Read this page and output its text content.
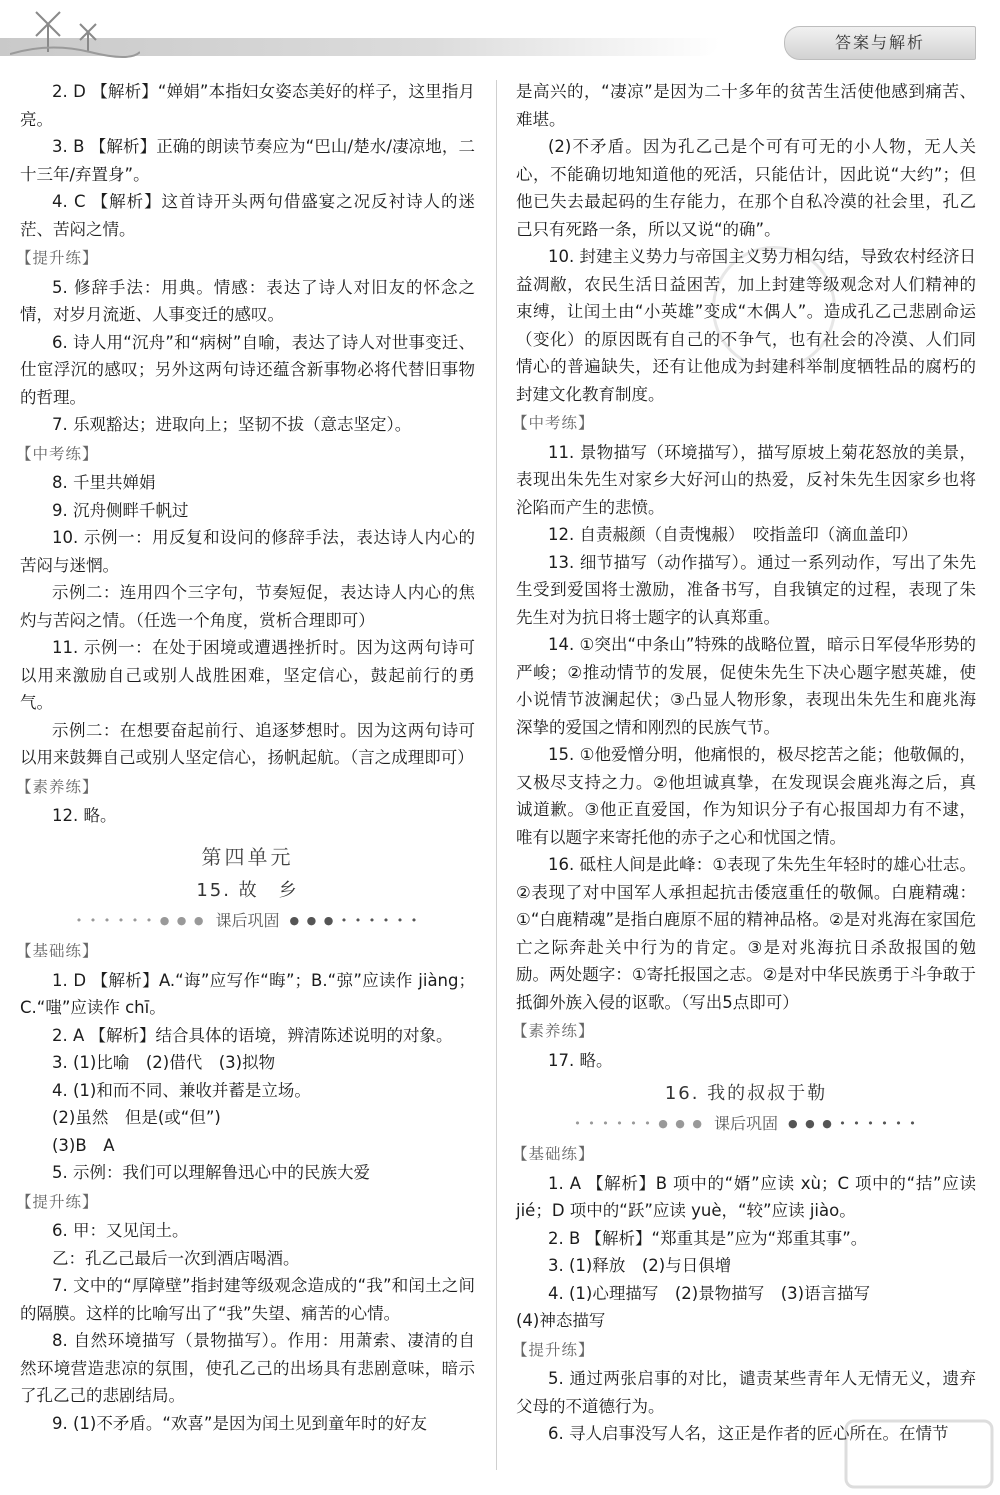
答案与解析

2. D 【解析】“婵娟”本指妇女姿态美好的样子，这里指月亮。

3. B 【解析】正确的朗读节奏应为“巴山/楚水/凄凉地，二十三年/弃置身”。

4. C 【解析】这首诗开头两句借盛宴之况反衬诗人的迷茫、苦闷之情。

【提升练】

5. 修辞手法：用典。情感：表达了诗人对旧友的怀念之情，对岁月流逝、人事变迁的感叹。

6. 诗人用“沉舟”和“病树”自喻，表达了诗人对世事变迁、仕宦浮沉的感叹；另外这两句诗还蕴含新事物必将代替旧事物的哲理。

7. 乐观豁达；进取向上；坚韧不拔（意志坚定）。

【中考练】

8. 千里共婵娟

9. 沉舟侧畔千帆过

10. 示例一：用反复和设问的修辞手法，表达诗人内心的苦闷与迷惘。

示例二：连用四个三字句，节奏短促，表达诗人内心的焦灼与苦闷之情。（任选一个角度，赏析合理即可）

11. 示例一：在处于困境或遭遇挫折时。因为这两句诗可以用来激励自己或别人战胜困难，坚定信心，鼓起前行的勇气。

示例二：在想要奋起前行、追逐梦想时。因为这两句诗可以用来鼓舞自己或别人坚定信心，扬帆起航。（言之成理即可）

【素养练】

12. 略。

第四单元
15. 故　乡
• • • • • • ● ● ● 课后巩固 ● ● ● • • • • • •
【基础练】

1. D 【解析】A.“诲”应写作“晦”；B.“弶”应读作 jiàng；C.“嗤”应读作 chī。

2. A 【解析】结合具体的语境，辨清陈述说明的对象。

3. (1)比喻　(2)借代　(3)拟物

4. (1)和而不同、兼收并蓄是立场。

(2)虽然　但是(或“但”)

(3)B　A

5. 示例：我们可以理解鲁迅心中的民族大爱

【提升练】

6. 甲：又见闰土。

乙：孔乙己最后一次到酒店喝酒。

7. 文中的“厚障壁”指封建等级观念造成的“我”和闰土之间的隔膜。这样的比喻写出了“我”失望、痛苦的心情。

8. 自然环境描写（景物描写）。作用：用萧索、凄清的自然环境营造悲凉的氛围，使孔乙己的出场具有悲剧意味，暗示了孔乙己的悲剧结局。

9. (1)不矛盾。“欢喜”是因为闰土见到童年时的好友

是高兴的，“凄凉”是因为二十多年的贫苦生活使他感到痛苦、难堪。

(2)不矛盾。因为孔乙己是个可有可无的小人物，无人关心，不能确切地知道他的死活，只能估计，因此说“大约”；但他已失去最起码的生存能力，在那个自私冷漠的社会里，孔乙己只有死路一条，所以又说“的确”。

10. 封建主义势力与帝国主义势力相勾结，导致农村经济日益凋敝，农民生活日益困苦，加上封建等级观念对人们精神的束缚，让闰土由“小英雄”变成“木偶人”。造成孔乙己悲剧命运（变化）的原因既有自己的不争气，也有社会的冷漠、人们同情心的普遍缺失，还有让他成为封建科举制度牺牲品的腐朽的封建文化教育制度。

【中考练】

11. 景物描写（环境描写），描写原坡上菊花怒放的美景，表现出朱先生对家乡大好河山的热爱，反衬朱先生因家乡也将沦陷而产生的悲愤。

12. 自责赧颜（自责愧赧）　咬指盖印（滴血盖印）

13. 细节描写（动作描写）。通过一系列动作，写出了朱先生受到爱国将士激励，准备书写，自我镇定的过程，表现了朱先生对为抗日将士题字的认真郑重。

14. ①突出“中条山”特殊的战略位置，暗示日军侵华形势的严峻；②推动情节的发展，促使朱先生下决心题字慰英雄，使小说情节波澜起伏；③凸显人物形象，表现出朱先生和鹿兆海深挚的爱国之情和刚烈的民族气节。

15. ①他爱憎分明，他痛恨的，极尽挖苦之能；他敬佩的，又极尽支持之力。②他坦诚真挚，在发现误会鹿兆海之后，真诚道歉。③他正直爱国，作为知识分子有心报国却力有不逮，唯有以题字来寄托他的赤子之心和忧国之情。

16. 砥柱人间是此峰：①表现了朱先生年轻时的雄心壮志。②表现了对中国军人承担起抗击倭寇重任的敬佩。白鹿精魂：①“白鹿精魂”是指白鹿原不屈的精神品格。②是对兆海在家国危亡之际奔赴关中行为的肯定。③是对兆海抗日杀敌报国的勉励。两处题字：①寄托报国之志。②是对中华民族勇于斗争敢于抵御外族入侵的讴歌。（写出5点即可）

【素养练】

17. 略。

16. 我的叔叔于勒
• • • • • • ● ● ● 课后巩固 ● ● ● • • • • • •
【基础练】

1. A 【解析】B 项中的“婿”应读 xù；C 项中的“拮”应读 jié；D 项中的“跃”应读 yuè，“较”应读 jiào。

2. B 【解析】“郑重其是”应为“郑重其事”。

3. (1)释放　(2)与日俱增

4. (1)心理描写　(2)景物描写　(3)语言描写

(4)神态描写

【提升练】

5. 通过两张启事的对比，谴责某些青年人无情无义，遗弃父母的不道德行为。

6. 寻人启事没写人名，这正是作者的匠心所在。在情节
